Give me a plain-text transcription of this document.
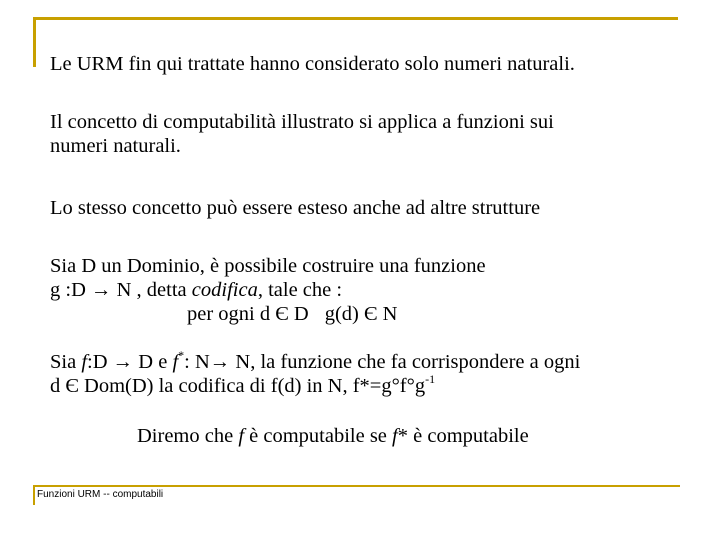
Le URM fin qui trattate hanno considerato solo numeri naturali.
Il concetto di computabilità illustrato si applica a funzioni sui
numeri naturali.
Lo stesso concetto può essere esteso anche ad altre strutture
Sia D un Dominio, è possibile costruire una funzione
g :D → N , detta codifica, tale che :
per ogni d Є D g(d) Є N
Sia f:D → D e f*: N→ N, la funzione che fa corrispondere a ogni
d Є Dom(D) la codifica di f(d) in N, $f*=g^\circ f^\circ g^{-1}$
Diremo che f è computabile se f* è computabile
Funzioni URM -- computabili
